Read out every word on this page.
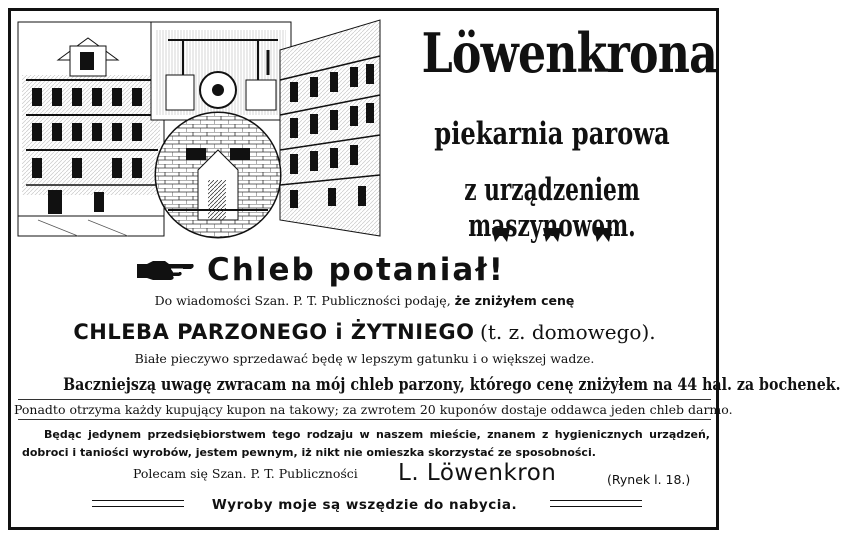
Löwenkrona
piekarnia parowa
z urządzeniem maszynowem.
Chleb potaniał!

Do wiadomości Szan. P. T. Publiczności podaję, że zniżyłem cenę

CHLEBA PARZONEGO i ŻYTNIEGO (t. z. domowego).

Białe pieczywo sprzedawać będę w lepszym gatunku i o większej wadze.

Baczniejszą uwagę zwracam na mój chleb parzony, którego cenę zniżyłem na 44 hal. za bochenek.

Ponadto otrzyma każdy kupujący kupon na takowy; za zwrotem 20 kuponów dostaje oddawca jeden chleb darmo.

Będąc jedynem przedsiębiorstwem tego rodzaju w naszem mieście, znanem z hygienicznych urządzeń, dobroci i taniości wyrobów, jestem pewnym, iż nikt nie omieszka skorzystać ze sposobności.

Polecam się Szan. P. T. Publiczności L. Löwenkron	(Rynek l. 18.)
Wyroby moje są wszędzie do nabycia.
